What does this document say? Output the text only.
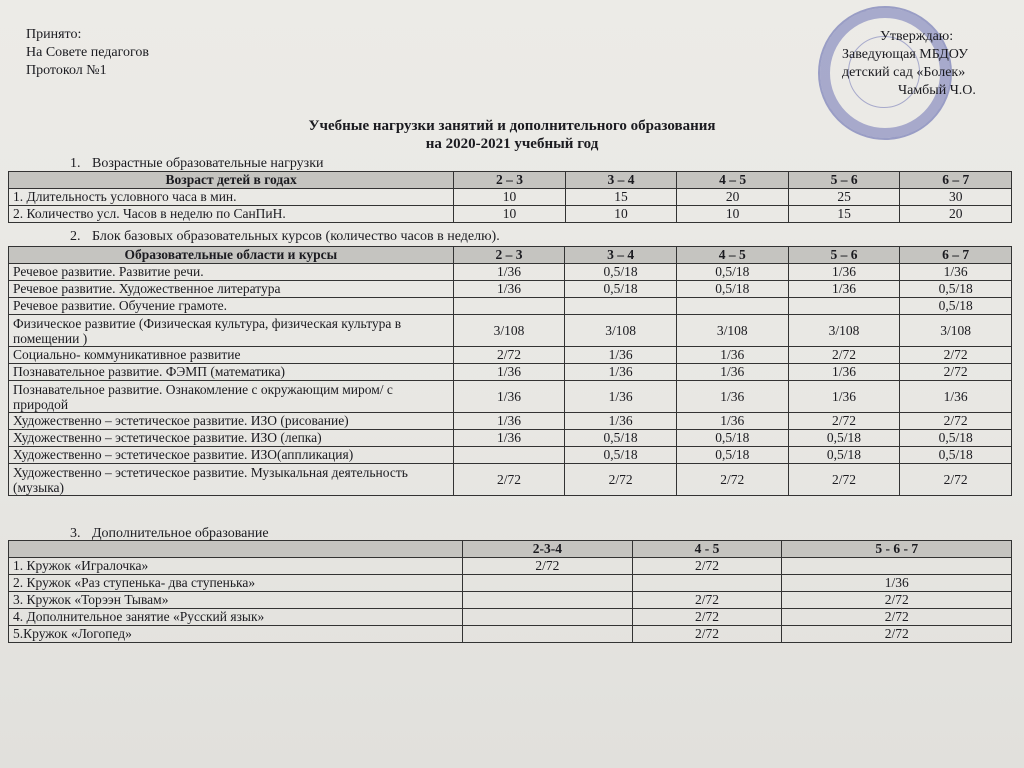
Принято:
На Совете педагогов
Протокол №1
Утверждаю:
Заведующая МБДОУ
детский сад «Болек»
Чамбый Ч.О.
Учебные нагрузки занятий и дополнительного образования
на 2020-2021 учебный год
1. Возрастные образовательные нагрузки
Возраст детей в годах	2 – 3	3 – 4	4 – 5	5 – 6	6 – 7
1. Длительность условного часа в мин.	10	15	20	25	30
2. Количество усл. Часов в неделю по СанПиН.	10	10	10	15	20
2. Блок базовых образовательных курсов (количество часов в неделю).
Образовательные области и курсы	2 – 3	3 – 4	4 – 5	5 – 6	6 – 7
Речевое развитие. Развитие речи.	1/36	0,5/18	0,5/18	1/36	1/36
Речевое развитие. Художественное литература	1/36	0,5/18	0,5/18	1/36	0,5/18
Речевое развитие. Обучение грамоте.					0,5/18
Физическое развитие (Физическая культура, физическая культура в помещении )	3/108	3/108	3/108	3/108	3/108
Социально- коммуникативное развитие	2/72	1/36	1/36	2/72	2/72
Познавательное развитие. ФЭМП (математика)	1/36	1/36	1/36	1/36	2/72
Познавательное развитие. Ознакомление с окружающим миром/ с природой	1/36	1/36	1/36	1/36	1/36
Художественно – эстетическое развитие. ИЗО (рисование)	1/36	1/36	1/36	2/72	2/72
Художественно – эстетическое развитие. ИЗО (лепка)	1/36	0,5/18	0,5/18	0,5/18	0,5/18
Художественно – эстетическое развитие. ИЗО(аппликация)		0,5/18	0,5/18	0,5/18	0,5/18
Художественно – эстетическое развитие. Музыкальная деятельность (музыка)	2/72	2/72	2/72	2/72	2/72
3. Дополнительное образование
	2-3-4	4 - 5	5 - 6 - 7
1. Кружок «Игралочка»	2/72	2/72	
2. Кружок «Раз ступенька- два ступенька»			1/36
3. Кружок «Торээн Тывам»		2/72	2/72
4. Дополнительное занятие «Русский язык»		2/72	2/72
5.Кружок «Логопед»		2/72	2/72
